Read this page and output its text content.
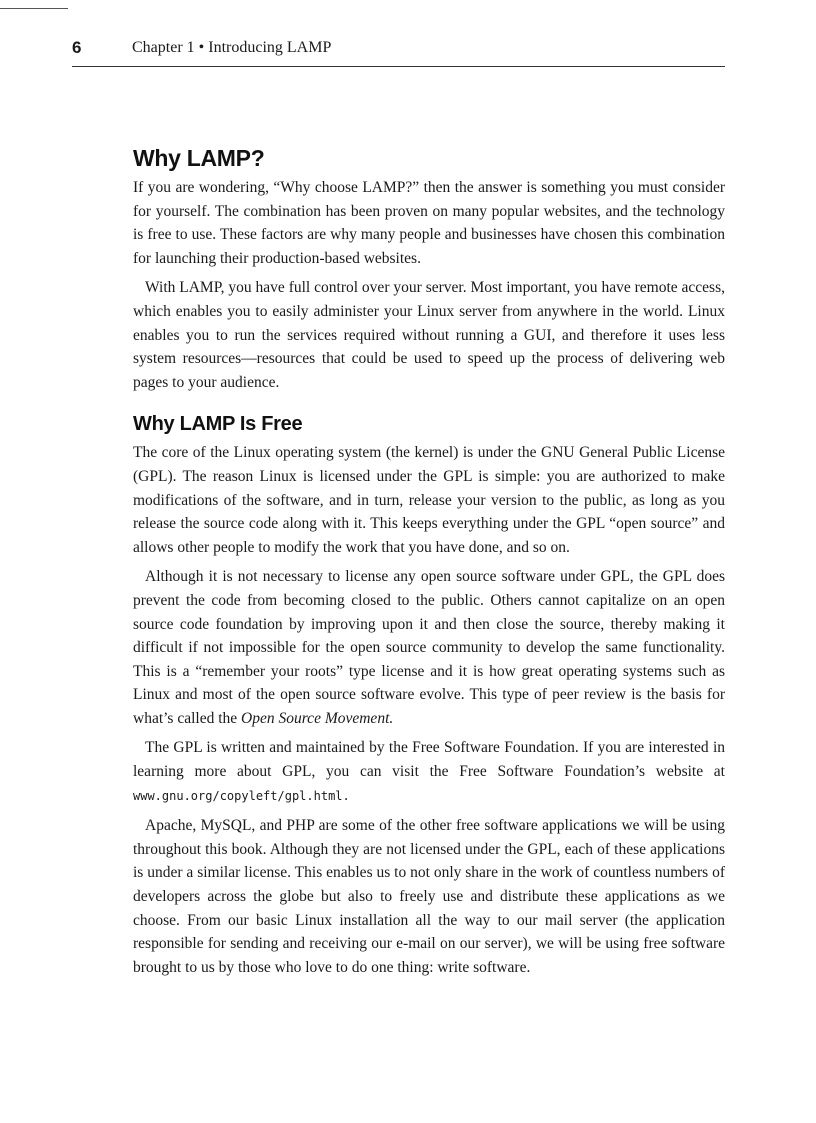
6	Chapter 1 • Introducing LAMP
Why LAMP?

If you are wondering, “Why choose LAMP?” then the answer is something you must consider for yourself. The combination has been proven on many popular websites, and the technology is free to use. These factors are why many people and businesses have chosen this combination for launching their production-based websites.

With LAMP, you have full control over your server. Most important, you have remote access, which enables you to easily administer your Linux server from anywhere in the world. Linux enables you to run the services required without running a GUI, and therefore it uses less system resources—resources that could be used to speed up the process of delivering web pages to your audience.

Why LAMP Is Free

The core of the Linux operating system (the kernel) is under the GNU General Public License (GPL). The reason Linux is licensed under the GPL is simple: you are authorized to make modifications of the software, and in turn, release your version to the public, as long as you release the source code along with it. This keeps everything under the GPL “open source” and allows other people to modify the work that you have done, and so on.

Although it is not necessary to license any open source software under GPL, the GPL does prevent the code from becoming closed to the public. Others cannot capitalize on an open source code foundation by improving upon it and then close the source, thereby making it difficult if not impossible for the open source community to develop the same functionality. This is a “remember your roots” type license and it is how great operating systems such as Linux and most of the open source software evolve. This type of peer review is the basis for what’s called the Open Source Movement.

The GPL is written and maintained by the Free Software Foundation. If you are interested in learning more about GPL, you can visit the Free Software Foundation’s website at www.gnu.org/copyleft/gpl.html.

Apache, MySQL, and PHP are some of the other free software applications we will be using throughout this book. Although they are not licensed under the GPL, each of these applications is under a similar license. This enables us to not only share in the work of countless numbers of developers across the globe but also to freely use and distribute these applications as we choose. From our basic Linux installation all the way to our mail server (the application responsible for sending and receiving our e-mail on our server), we will be using free software brought to us by those who love to do one thing: write software.
